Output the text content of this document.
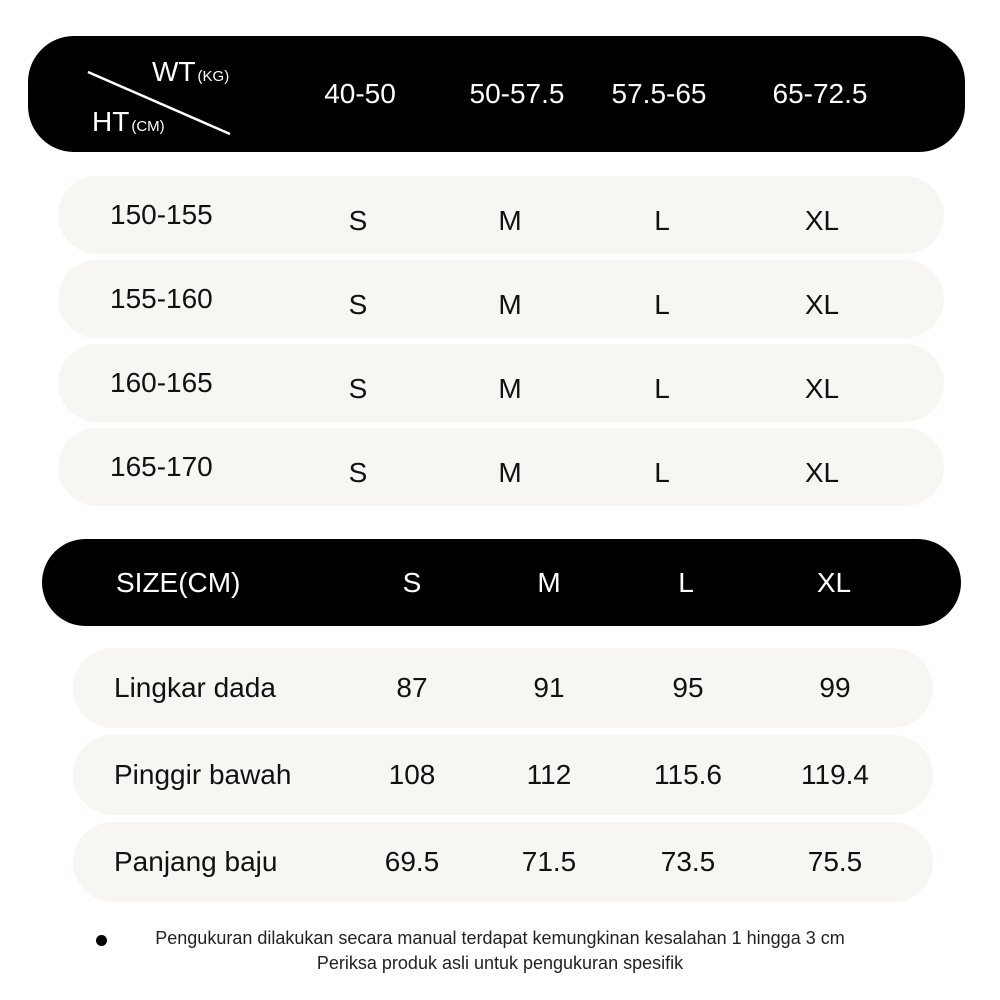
WT (KG)
HT (CM)
40-50	50-57.5	57.5-65	65-72.5
150-155	S	M	L	XL
155-160	S	M	L	XL
160-165	S	M	L	XL
165-170	S	M	L	XL
SIZE(CM)	S	M	L	XL
Lingkar dada	87	91	95	99
Pinggir bawah	108	112	115.6	119.4
Panjang baju	69.5	71.5	73.5	75.5
Pengukuran dilakukan secara manual terdapat kemungkinan kesalahan 1 hingga 3 cm
Periksa produk asli untuk pengukuran spesifik
